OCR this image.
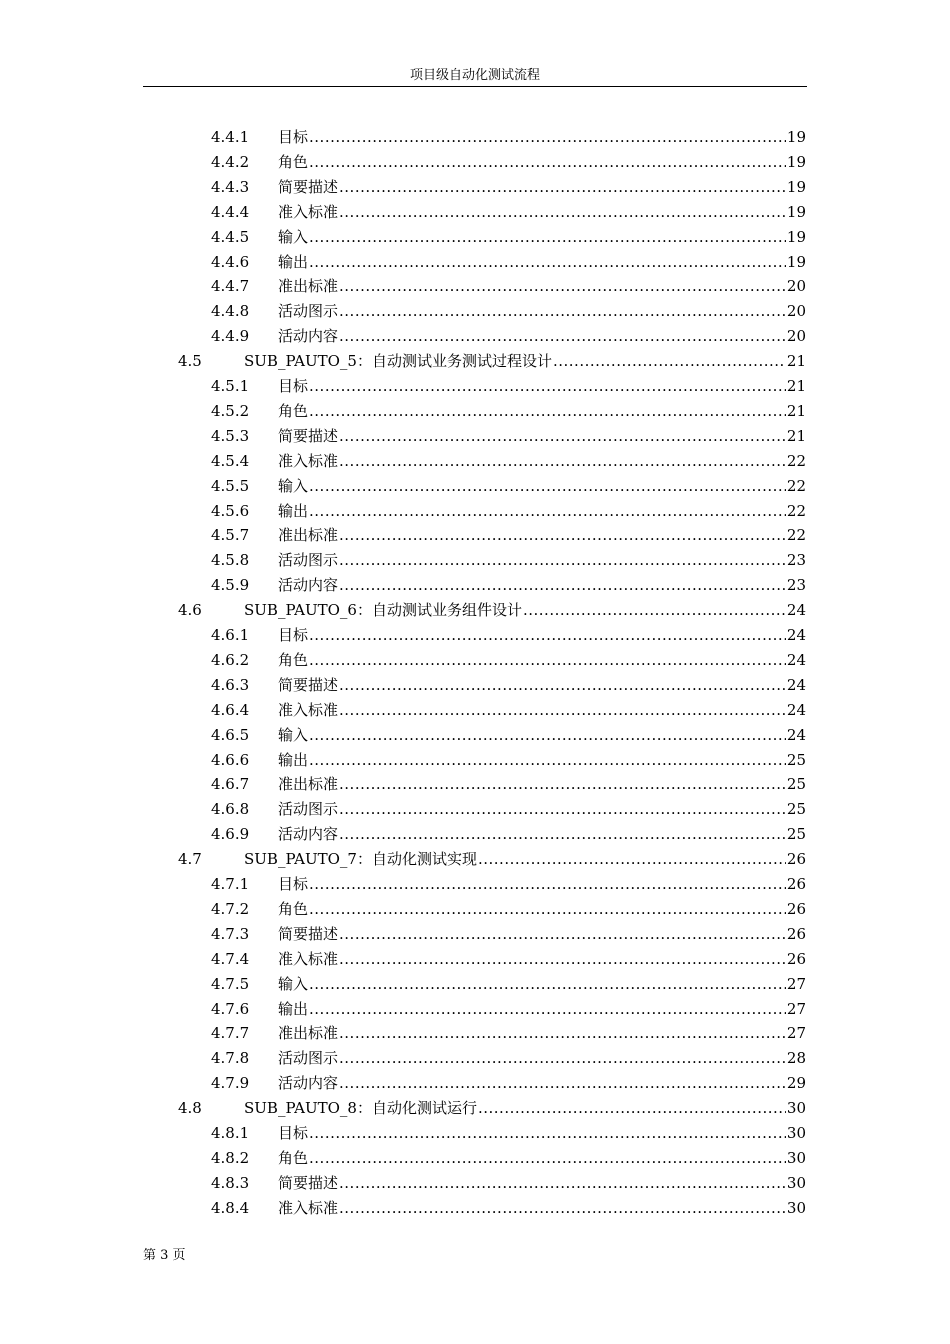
项目级自动化测试流程
4.4.1	目标 .....	19
4.4.2	角色 .....	19
4.4.3	简要描述 .....	19
4.4.4	准入标准 .....	19
4.4.5	输入 .....	19
4.4.6	输出 .....	19
4.4.7	准出标准 .....	20
4.4.8	活动图示 .....	20
4.4.9	活动内容 .....	20
4.5	SUB_PAUTO_5：自动测试业务测试过程设计 .....	21
4.5.1	目标 .....	21
4.5.2	角色 .....	21
4.5.3	简要描述 .....	21
4.5.4	准入标准 .....	22
4.5.5	输入 .....	22
4.5.6	输出 .....	22
4.5.7	准出标准 .....	22
4.5.8	活动图示 .....	23
4.5.9	活动内容 .....	23
4.6	SUB_PAUTO_6：自动测试业务组件设计 .....	24
4.6.1	目标 .....	24
4.6.2	角色 .....	24
4.6.3	简要描述 .....	24
4.6.4	准入标准 .....	24
4.6.5	输入 .....	24
4.6.6	输出 .....	25
4.6.7	准出标准 .....	25
4.6.8	活动图示 .....	25
4.6.9	活动内容 .....	25
4.7	SUB_PAUTO_7：自动化测试实现 .....	26
4.7.1	目标 .....	26
4.7.2	角色 .....	26
4.7.3	简要描述 .....	26
4.7.4	准入标准 .....	26
4.7.5	输入 .....	27
4.7.6	输出 .....	27
4.7.7	准出标准 .....	27
4.7.8	活动图示 .....	28
4.7.9	活动内容 .....	29
4.8	SUB_PAUTO_8：自动化测试运行 .....	30
4.8.1	目标 .....	30
4.8.2	角色 .....	30
4.8.3	简要描述 .....	30
4.8.4	准入标准 .....	30
第 3 页
